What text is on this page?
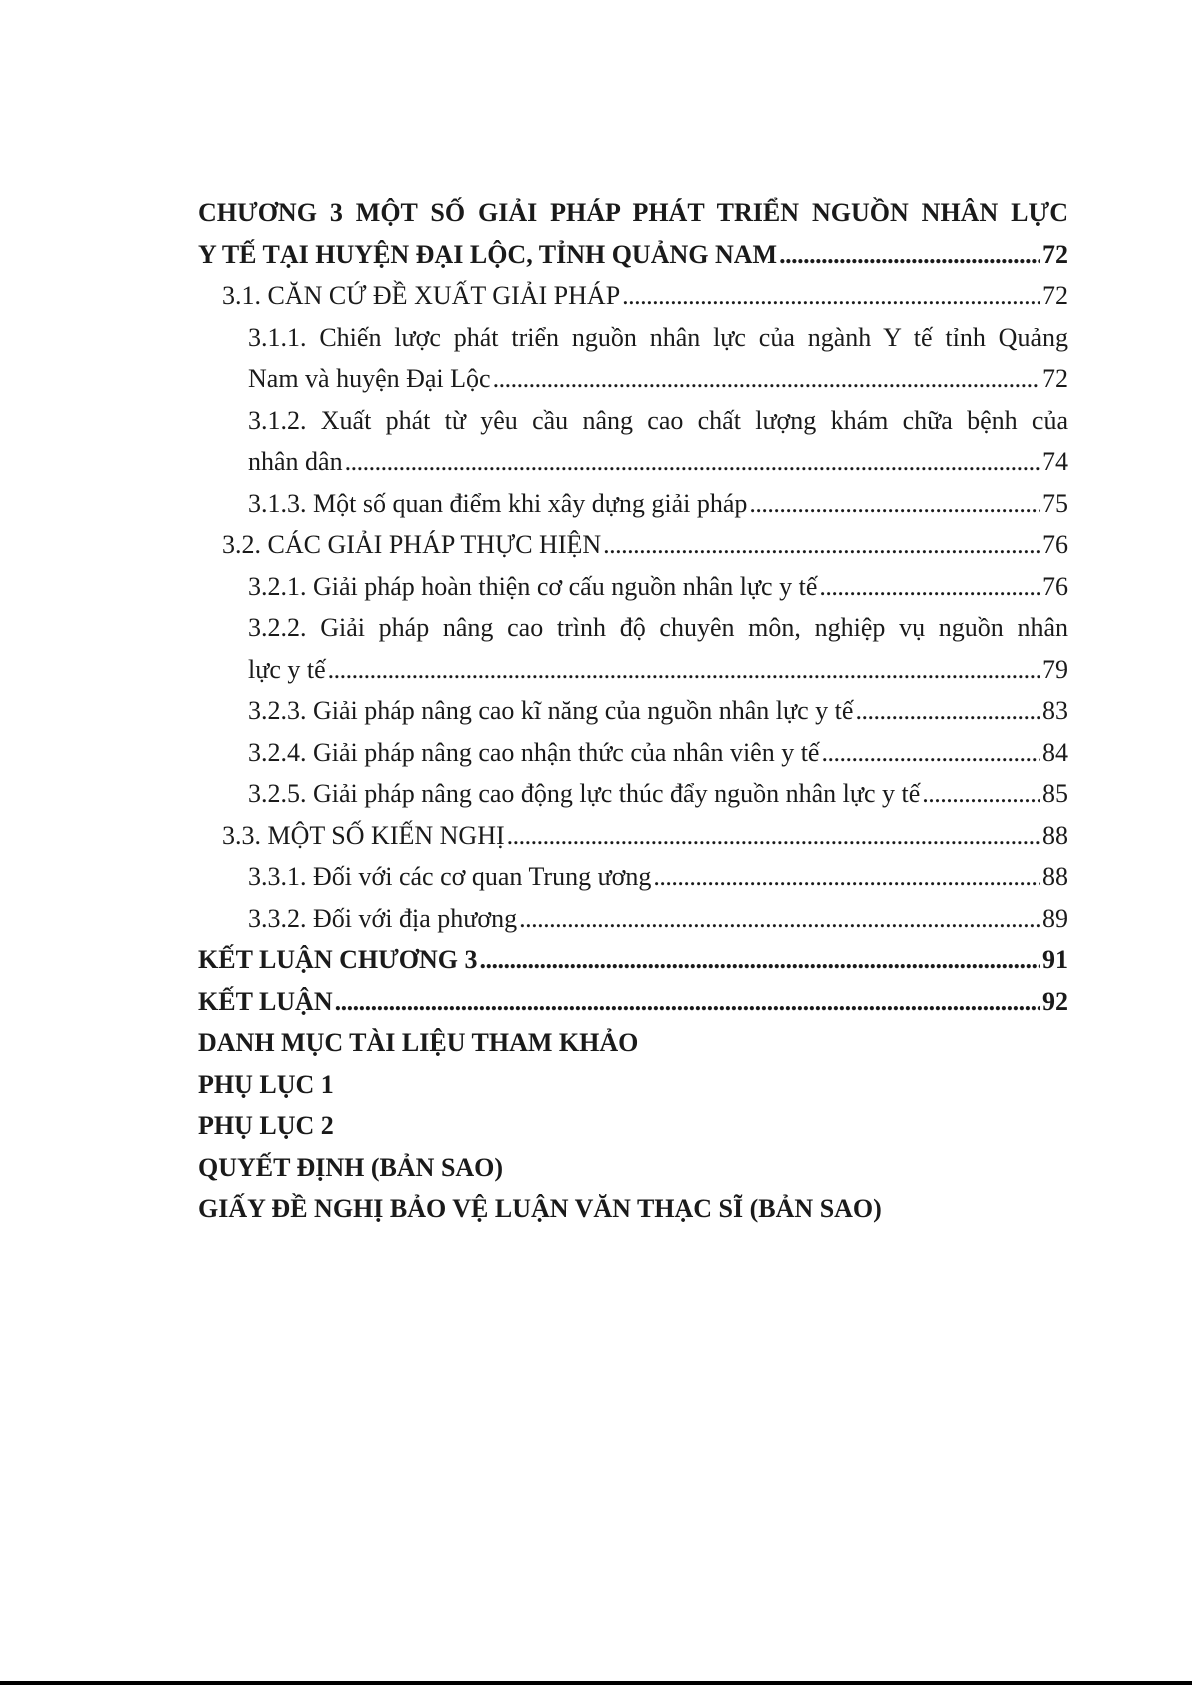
CHƯƠNG 3 MỘT SỐ GIẢI PHÁP PHÁT TRIỂN NGUỒN NHÂN LỰC
Y TẾ TẠI HUYỆN ĐẠI LỘC, TỈNH QUẢNG NAM . . .	72
3.1. CĂN CỨ ĐỀ XUẤT GIẢI PHÁP . . .	72
3.1.1. Chiến lược phát triển nguồn nhân lực của ngành Y tế tỉnh Quảng
Nam và huyện Đại Lộc . . .	72
3.1.2. Xuất phát từ yêu cầu nâng cao chất lượng khám chữa bệnh của
nhân dân . . .	74
3.1.3. Một số quan điểm khi xây dựng giải pháp . . .	75
3.2. CÁC GIẢI PHÁP THỰC HIỆN . . .	76
3.2.1. Giải pháp hoàn thiện cơ cấu nguồn nhân lực y tế . . .	76
3.2.2. Giải pháp nâng cao trình độ chuyên môn, nghiệp vụ nguồn nhân
lực y tế . . .	79
3.2.3. Giải pháp nâng cao kĩ năng của nguồn nhân lực y tế . . .	83
3.2.4. Giải pháp nâng cao nhận thức của nhân viên y tế . . .	84
3.2.5. Giải pháp nâng cao động lực thúc đẩy nguồn nhân lực y tế . . .	85
3.3. MỘT SỐ KIẾN NGHỊ . . .	88
3.3.1. Đối với các cơ quan Trung ương . . .	88
3.3.2. Đối với địa phương . . .	89
KẾT LUẬN CHƯƠNG 3 . . .	91
KẾT LUẬN . . .	92
DANH MỤC TÀI LIỆU THAM KHẢO
PHỤ LỤC 1
PHỤ LỤC 2
QUYẾT ĐỊNH (BẢN SAO)
GIẤY ĐỀ NGHỊ BẢO VỆ LUẬN VĂN THẠC SĨ (BẢN SAO)
